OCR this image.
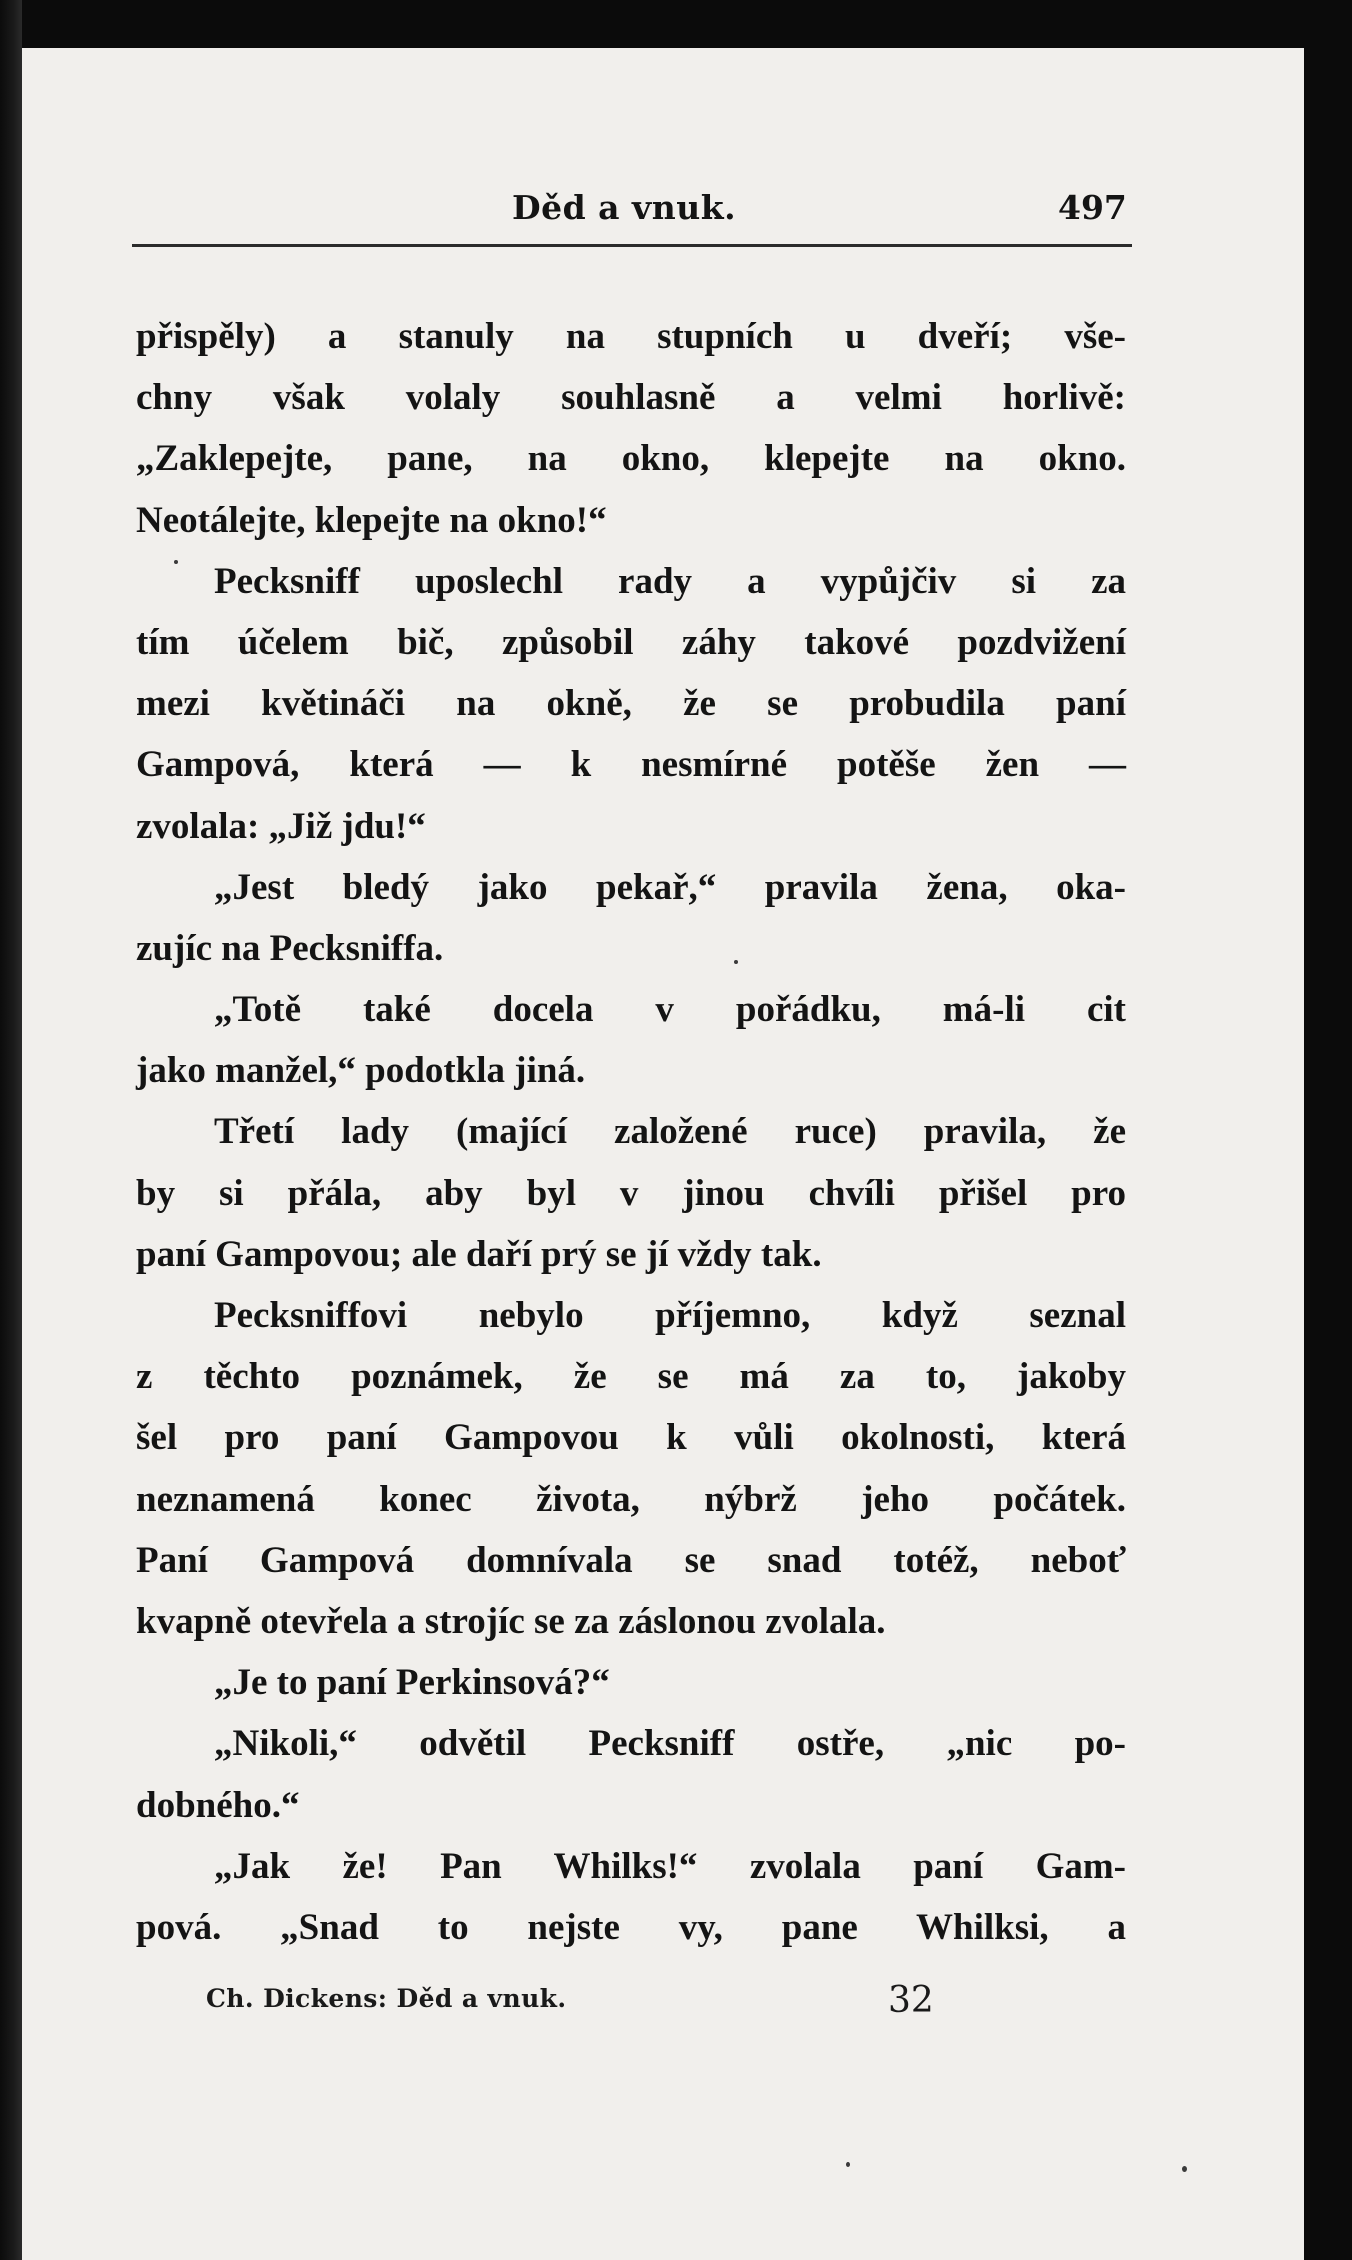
Děd a vnuk.	497
přispěly) a stanuly na stupních u dveří; vše-
chny však volaly souhlasně a velmi horlivě:
„Zaklepejte, pane, na okno, klepejte na okno.
Neotálejte, klepejte na okno!“
Pecksniff uposlechl rady a vypůjčiv si za
tím účelem bič, způsobil záhy takové pozdvižení
mezi květináči na okně, že se probudila paní
Gampová, která — k nesmírné potěše žen —
zvolala: „Již jdu!“
„Jest bledý jako pekař,“ pravila žena, oka-
zujíc na Pecksniffa.
„Totě také docela v pořádku, má-li cit
jako manžel,“ podotkla jiná.
Třetí lady (mající založené ruce) pravila, že
by si přála, aby byl v jinou chvíli přišel pro
paní Gampovou; ale daří prý se jí vždy tak.
Pecksniffovi nebylo příjemno, když seznal
z těchto poznámek, že se má za to, jakoby
šel pro paní Gampovou k vůli okolnosti, která
neznamená konec života, nýbrž jeho počátek.
Paní Gampová domnívala se snad totéž, neboť
kvapně otevřela a strojíc se za záslonou zvolala.
„Je to paní Perkinsová?“
„Nikoli,“ odvětil Pecksniff ostře, „nic po-
dobného.“
„Jak že! Pan Whilks!“ zvolala paní Gam-
pová. „Snad to nejste vy, pane Whilksi, a
Ch. Dickens: Děd a vnuk.	32
